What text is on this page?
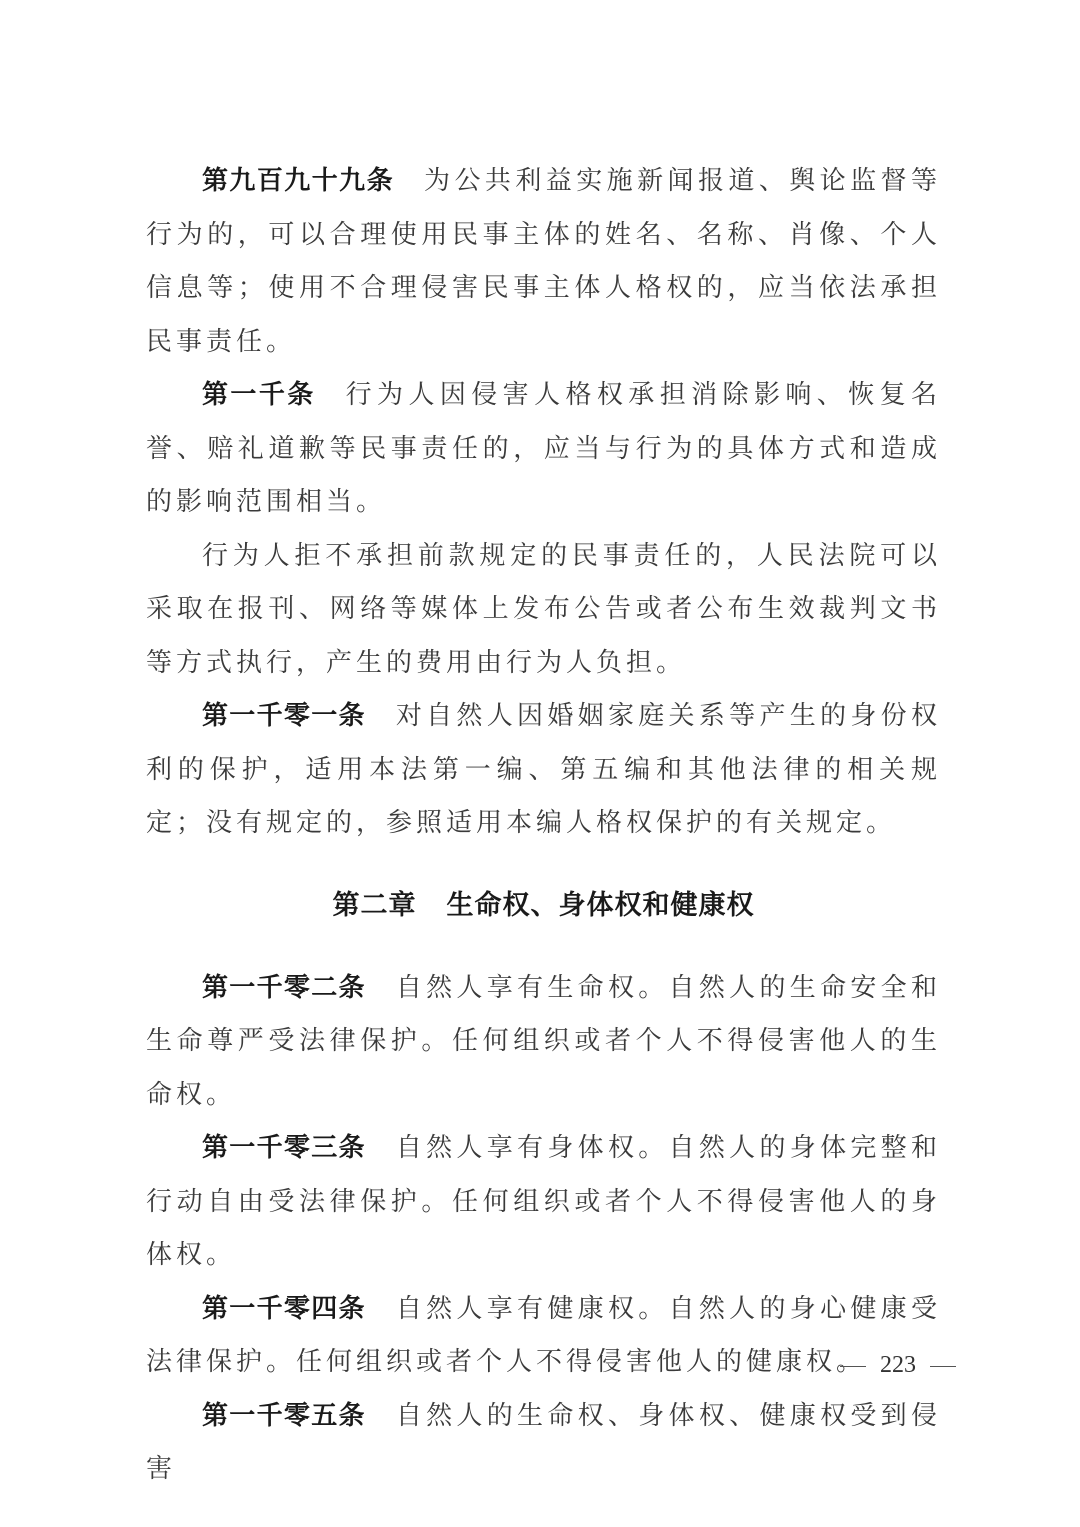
第九百九十九条 为公共利益实施新闻报道、舆论监督等行为的，可以合理使用民事主体的姓名、名称、肖像、个人信息等；使用不合理侵害民事主体人格权的，应当依法承担民事责任。

第一千条 行为人因侵害人格权承担消除影响、恢复名誉、赔礼道歉等民事责任的，应当与行为的具体方式和造成的影响范围相当。

行为人拒不承担前款规定的民事责任的，人民法院可以采取在报刊、网络等媒体上发布公告或者公布生效裁判文书等方式执行，产生的费用由行为人负担。

第一千零一条 对自然人因婚姻家庭关系等产生的身份权利的保护，适用本法第一编、第五编和其他法律的相关规定；没有规定的，参照适用本编人格权保护的有关规定。

第二章 生命权、身体权和健康权

第一千零二条 自然人享有生命权。自然人的生命安全和生命尊严受法律保护。任何组织或者个人不得侵害他人的生命权。

第一千零三条 自然人享有身体权。自然人的身体完整和行动自由受法律保护。任何组织或者个人不得侵害他人的身体权。

第一千零四条 自然人享有健康权。自然人的身心健康受法律保护。任何组织或者个人不得侵害他人的健康权。

第一千零五条 自然人的生命权、身体权、健康权受到侵害

223
